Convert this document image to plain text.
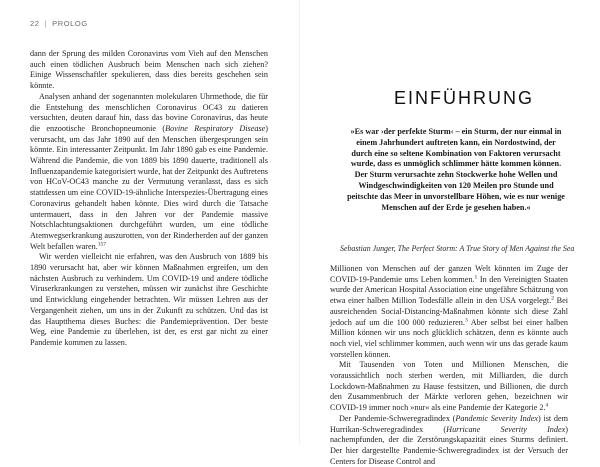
22 | PROLOG

dann der Sprung des milden Coronavirus vom Vieh auf den Menschen auch einen tödlichen Ausbruch beim Menschen nach sich ziehen? Einige Wissenschaftler spekulieren, dass dies bereits geschehen sein könnte.

Analysen anhand der sogenannten molekularen Uhrmethode, die für die Entstehung des menschlichen Coronavirus OC43 zu datieren versuchten, deuten darauf hin, dass das bovine Coronavirus, das heute die enzootische Bronchopneumonie (Bovine Respiratory Disease) verursacht, um das Jahr 1890 auf den Menschen übergesprungen sein könnte. Ein interessanter Zeitpunkt. Im Jahr 1890 gab es eine Pandemie. Während die Pandemie, die von 1889 bis 1890 dauerte, traditionell als Influenzapandemie kategorisiert wurde, hat der Zeitpunkt des Auftretens von HCoV-OC43 manche zu der Vermutung veranlasst, dass es sich stattdessen um eine COVID-19-ähnliche Interspezies-Übertragung eines Coronavirus gehandelt haben könnte. Dies wird durch die Tatsache untermauert, dass in den Jahren vor der Pandemie massive Notschlachtungsaktionen durchgeführt wurden, um eine tödliche Atemwegserkrankung auszurotten, von der Rinderherden auf der ganzen Welt befallen waren.$^{157}$

Wir werden vielleicht nie erfahren, was den Ausbruch von 1889 bis 1890 verursacht hat, aber wir können Maßnahmen ergreifen, um den nächsten Ausbruch zu verhindern. Um COVID-19 und andere tödliche Viruserkrankungen zu verstehen, müssen wir zunächst ihre Geschichte und Entwicklung eingehender betrachten. Wir müssen Lehren aus der Vergangenheit ziehen, um uns in der Zukunft zu schützen. Und das ist das Hauptthema dieses Buches: die Pandemieprävention. Der beste Weg, eine Pandemie zu überleben, ist der, es erst gar nicht zu einer Pandemie kommen zu lassen.

EINFÜHRUNG
»Es war ›der perfekte Sturm‹ – ein Sturm, der nur einmal in einem Jahrhundert auftreten kann, ein Nordostwind, der durch eine so seltene Kombination von Faktoren verursacht wurde, dass es unmöglich schlimmer hätte kommen können. Der Sturm verursachte zehn Stockwerke hohe Wellen und Windgeschwindigkeiten von 120 Meilen pro Stunde und peitschte das Meer in unvorstellbare Höhen, wie es nur wenige Menschen auf der Erde je gesehen haben.«
Sebastian Junger, The Perfect Storm: A True Story of Men Against the Sea

Millionen von Menschen auf der ganzen Welt könnten im Zuge der COVID-19-Pandemie ums Leben kommen.$^1$ In den Vereinigten Staaten wurde der American Hospital Association eine ungefähre Schätzung von etwa einer halben Million Todesfälle allein in den USA vorgelegt.$^2$ Bei ausreichenden Social-Distancing-Maßnahmen könnte sich diese Zahl jedoch auf um die 100 000 reduzieren.$^3$ Aber selbst bei einer halben Million können wir uns noch glücklich schätzen, denn es könnte auch noch viel, viel schlimmer kommen, auch wenn wir uns das gerade kaum vorstellen können.

Mit Tausenden von Toten und Millionen Menschen, die voraussichtlich noch sterben werden, mit Milliarden, die durch Lockdown-Maßnahmen zu Hause festsitzen, und Billionen, die durch den Zusammenbruch der Märkte verloren gehen, bezeichnen wir COVID-19 immer noch »nur« als eine Pandemie der Kategorie 2.$^4$

Der Pandemie-Schweregradindex (Pandemic Severity Index) ist dem Hurrikan-Schweregradindex (Hurricane Severity Index) nachempfunden, der die Zerstörungskapazität eines Sturms definiert. Der hier dargestellte Pandemie-Schweregradindex ist der Versuch der Centers for Disease Control and
